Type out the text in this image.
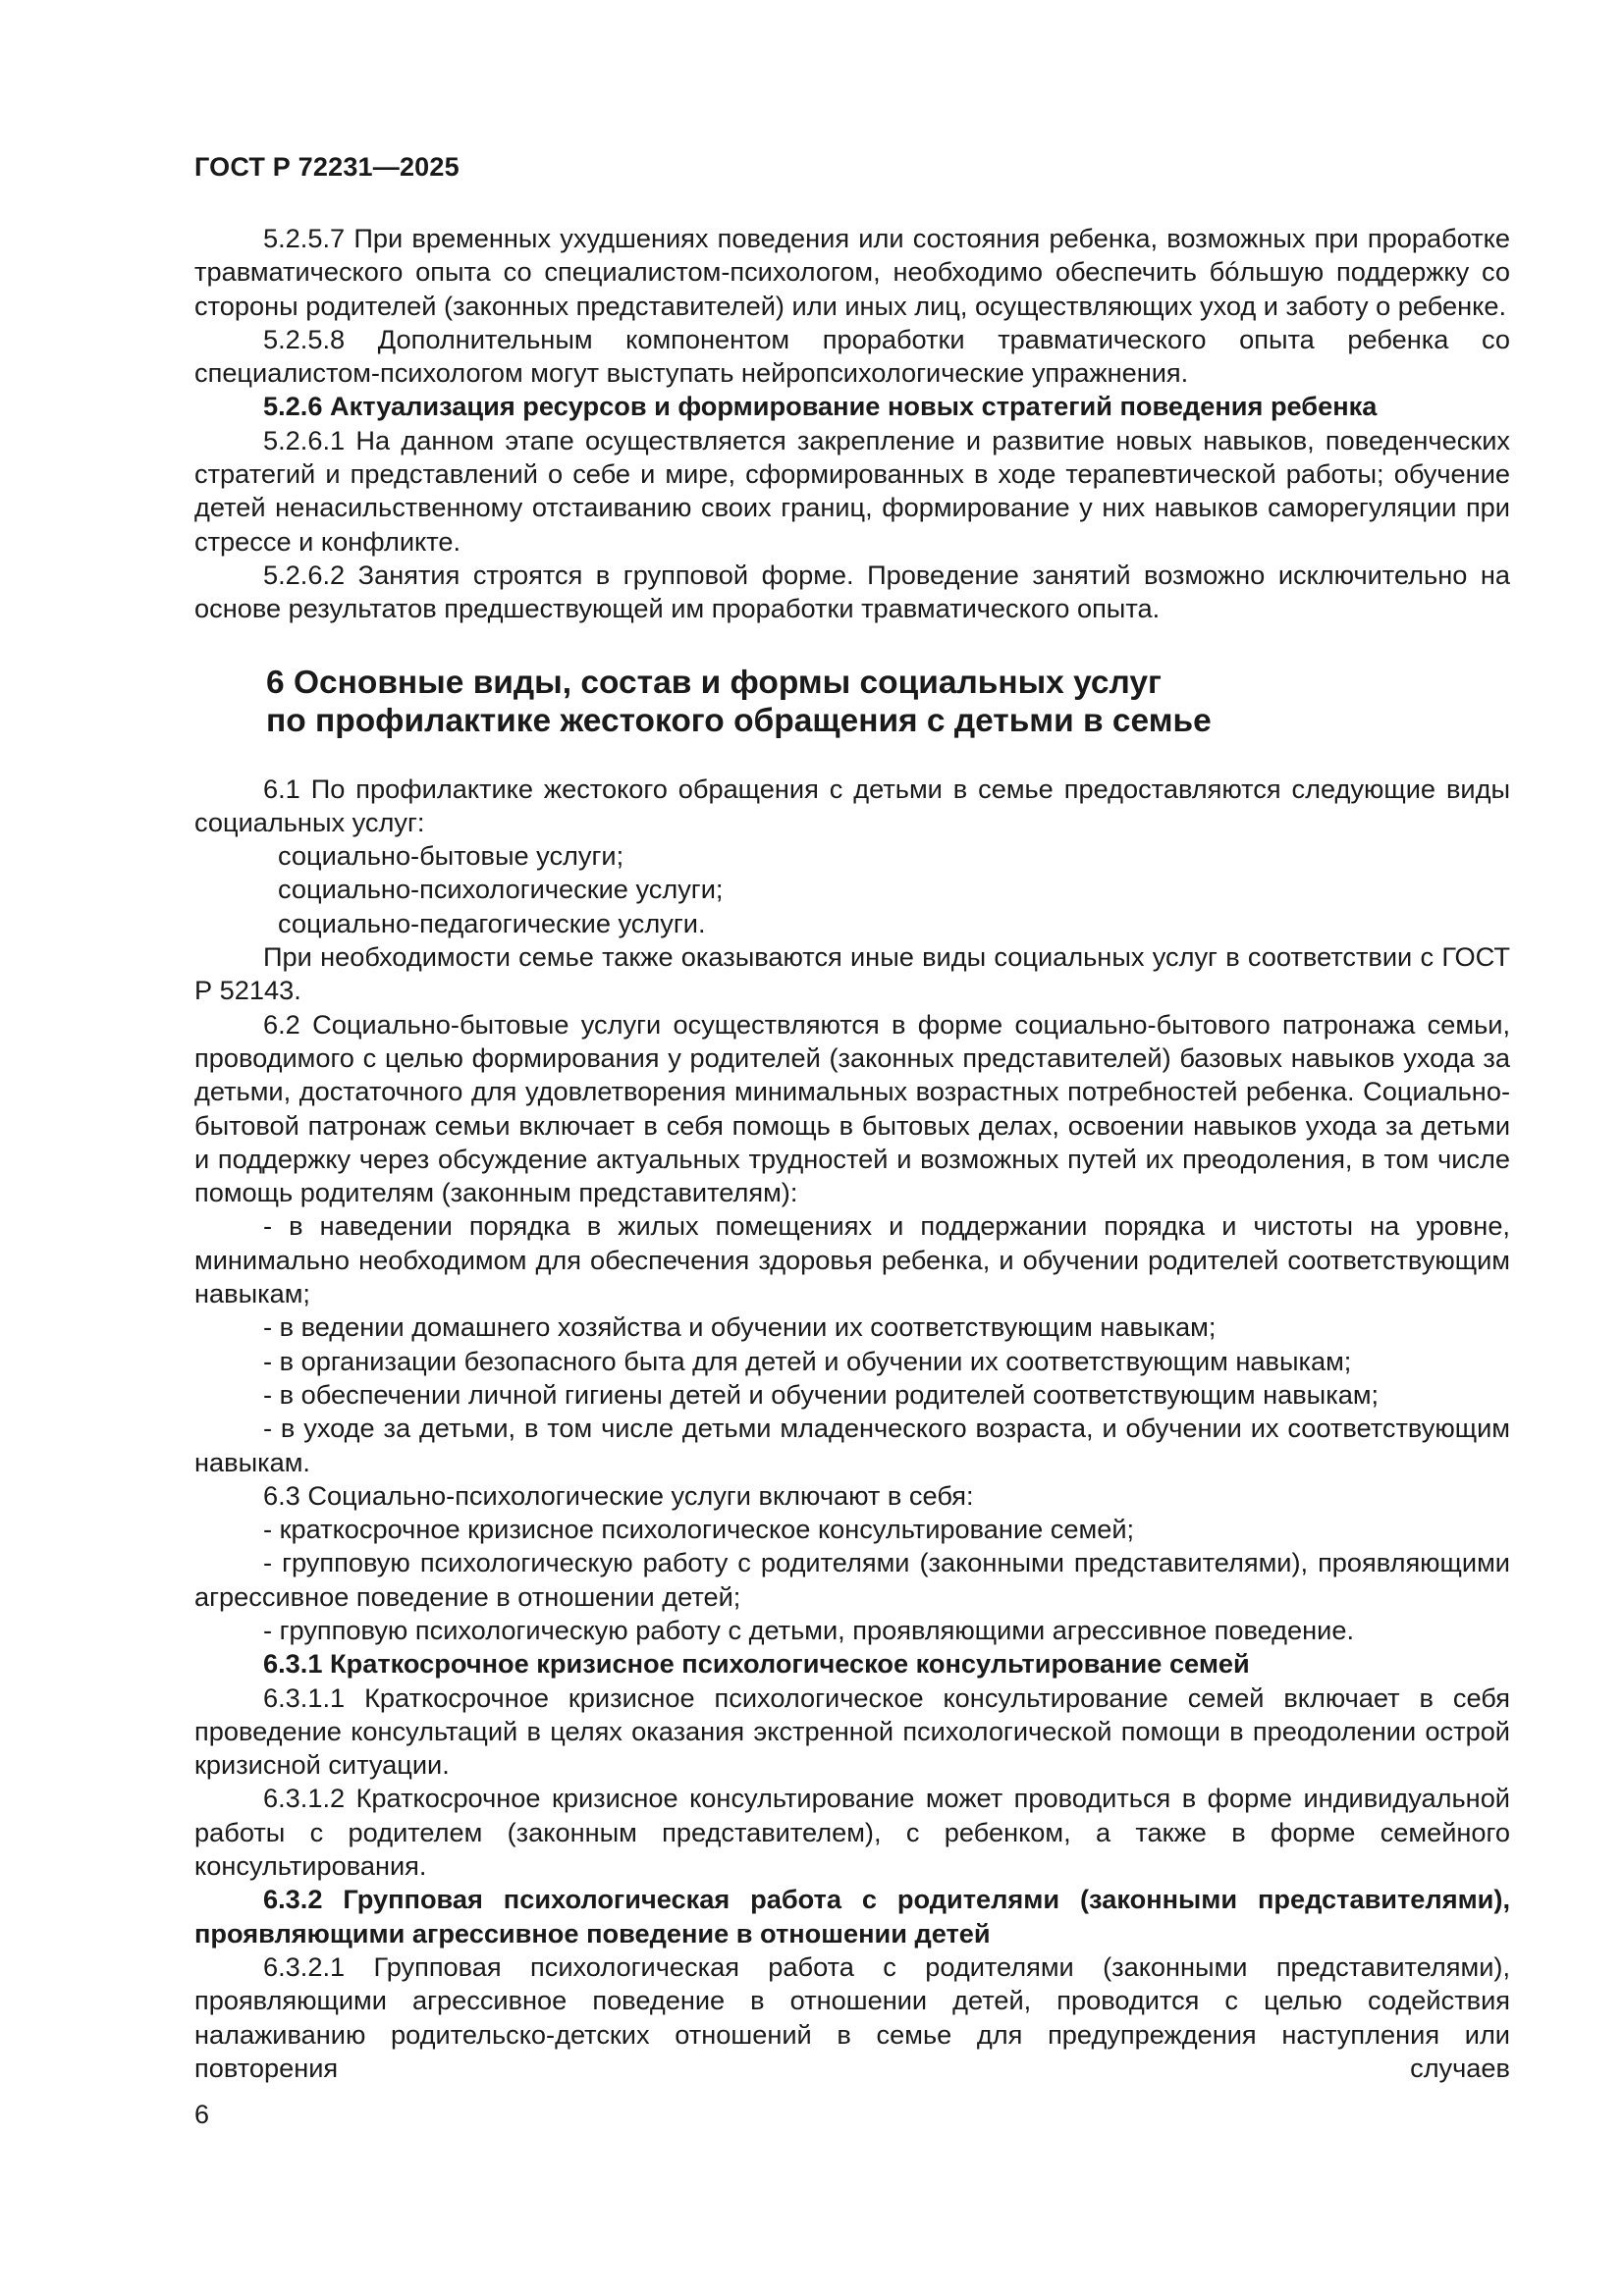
ГОСТ Р 72231—2025

5.2.5.7 При временных ухудшениях поведения или состояния ребенка, возможных при проработке травматического опыта со специалистом-психологом, необходимо обеспечить бóльшую поддержку со стороны родителей (законных представителей) или иных лиц, осуществляющих уход и заботу о ребенке.

5.2.5.8 Дополнительным компонентом проработки травматического опыта ребенка со специалистом-психологом могут выступать нейропсихологические упражнения.

5.2.6 Актуализация ресурсов и формирование новых стратегий поведения ребенка

5.2.6.1 На данном этапе осуществляется закрепление и развитие новых навыков, поведенческих стратегий и представлений о себе и мире, сформированных в ходе терапевтической работы; обучение детей ненасильственному отстаиванию своих границ, формирование у них навыков саморегуляции при стрессе и конфликте.

5.2.6.2 Занятия строятся в групповой форме. Проведение занятий возможно исключительно на основе результатов предшествующей им проработки травматического опыта.

6 Основные виды, состав и формы социальных услуг
по профилактике жестокого обращения с детьми в семье

6.1 По профилактике жестокого обращения с детьми в семье предоставляются следующие виды социальных услуг:

социально-бытовые услуги;

социально-психологические услуги;

социально-педагогические услуги.

При необходимости семье также оказываются иные виды социальных услуг в соответствии с ГОСТ Р 52143.

6.2 Социально-бытовые услуги осуществляются в форме социально-бытового патронажа семьи, проводимого с целью формирования у родителей (законных представителей) базовых навыков ухода за детьми, достаточного для удовлетворения минимальных возрастных потребностей ребенка. Социально-бытовой патронаж семьи включает в себя помощь в бытовых делах, освоении навыков ухода за детьми и поддержку через обсуждение актуальных трудностей и возможных путей их преодоления, в том числе помощь родителям (законным представителям):

- в наведении порядка в жилых помещениях и поддержании порядка и чистоты на уровне, минимально необходимом для обеспечения здоровья ребенка, и обучении родителей соответствующим навыкам;

- в ведении домашнего хозяйства и обучении их соответствующим навыкам;

- в организации безопасного быта для детей и обучении их соответствующим навыкам;

- в обеспечении личной гигиены детей и обучении родителей соответствующим навыкам;

- в уходе за детьми, в том числе детьми младенческого возраста, и обучении их соответствующим навыкам.

6.3 Социально-психологические услуги включают в себя:

- краткосрочное кризисное психологическое консультирование семей;

- групповую психологическую работу с родителями (законными представителями), проявляющими агрессивное поведение в отношении детей;

- групповую психологическую работу с детьми, проявляющими агрессивное поведение.

6.3.1 Краткосрочное кризисное психологическое консультирование семей

6.3.1.1 Краткосрочное кризисное психологическое консультирование семей включает в себя проведение консультаций в целях оказания экстренной психологической помощи в преодолении острой кризисной ситуации.

6.3.1.2 Краткосрочное кризисное консультирование может проводиться в форме индивидуальной работы с родителем (законным представителем), с ребенком, а также в форме семейного консультирования.

6.3.2 Групповая психологическая работа с родителями (законными представителями), проявляющими агрессивное поведение в отношении детей

6.3.2.1 Групповая психологическая работа с родителями (законными представителями), проявляющими агрессивное поведение в отношении детей, проводится с целью содействия налаживанию родительско-детских отношений в семье для предупреждения наступления или повторения случаев

6
